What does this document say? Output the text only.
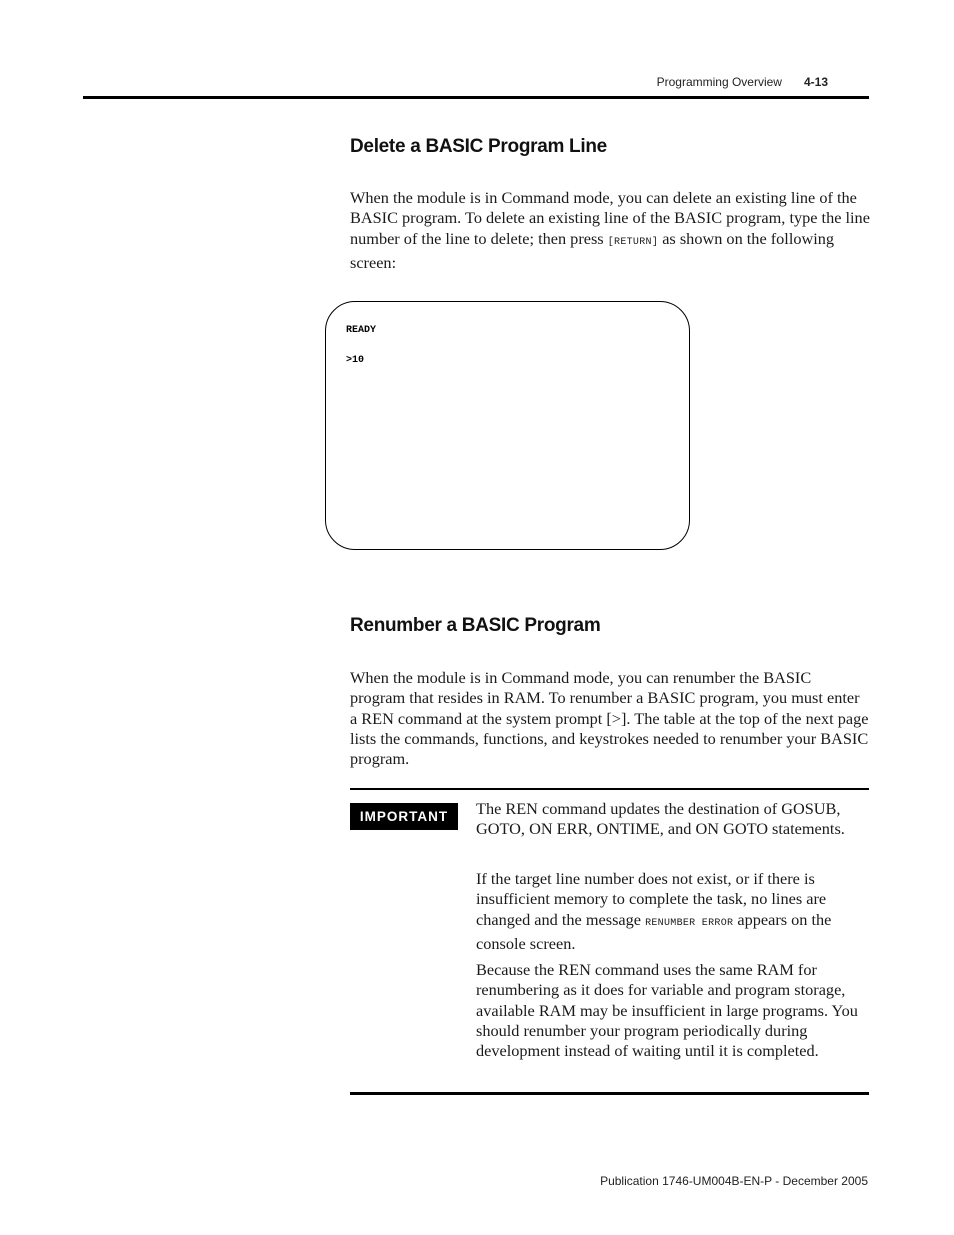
Programming Overview 4-13
Delete a BASIC Program Line

When the module is in Command mode, you can delete an existing line of the BASIC program. To delete an existing line of the BASIC program, type the line number of the line to delete; then press [RETURN] as shown on the following screen:

READY
>10
Renumber a BASIC Program

When the module is in Command mode, you can renumber the BASIC program that resides in RAM. To renumber a BASIC program, you must enter a REN command at the system prompt [>]. The table at the top of the next page lists the commands, functions, and keystrokes needed to renumber your BASIC program.

IMPORTANT	The REN command updates the destination of GOSUB, GOTO, ON ERR, ONTIME, and ON GOTO statements.

If the target line number does not exist, or if there is insufficient memory to complete the task, no lines are changed and the message RENUMBER ERROR appears on the console screen.

Because the REN command uses the same RAM for renumbering as it does for variable and program storage, available RAM may be insufficient in large programs. You should renumber your program periodically during development instead of waiting until it is completed.

Publication 1746-UM004B-EN-P - December 2005
